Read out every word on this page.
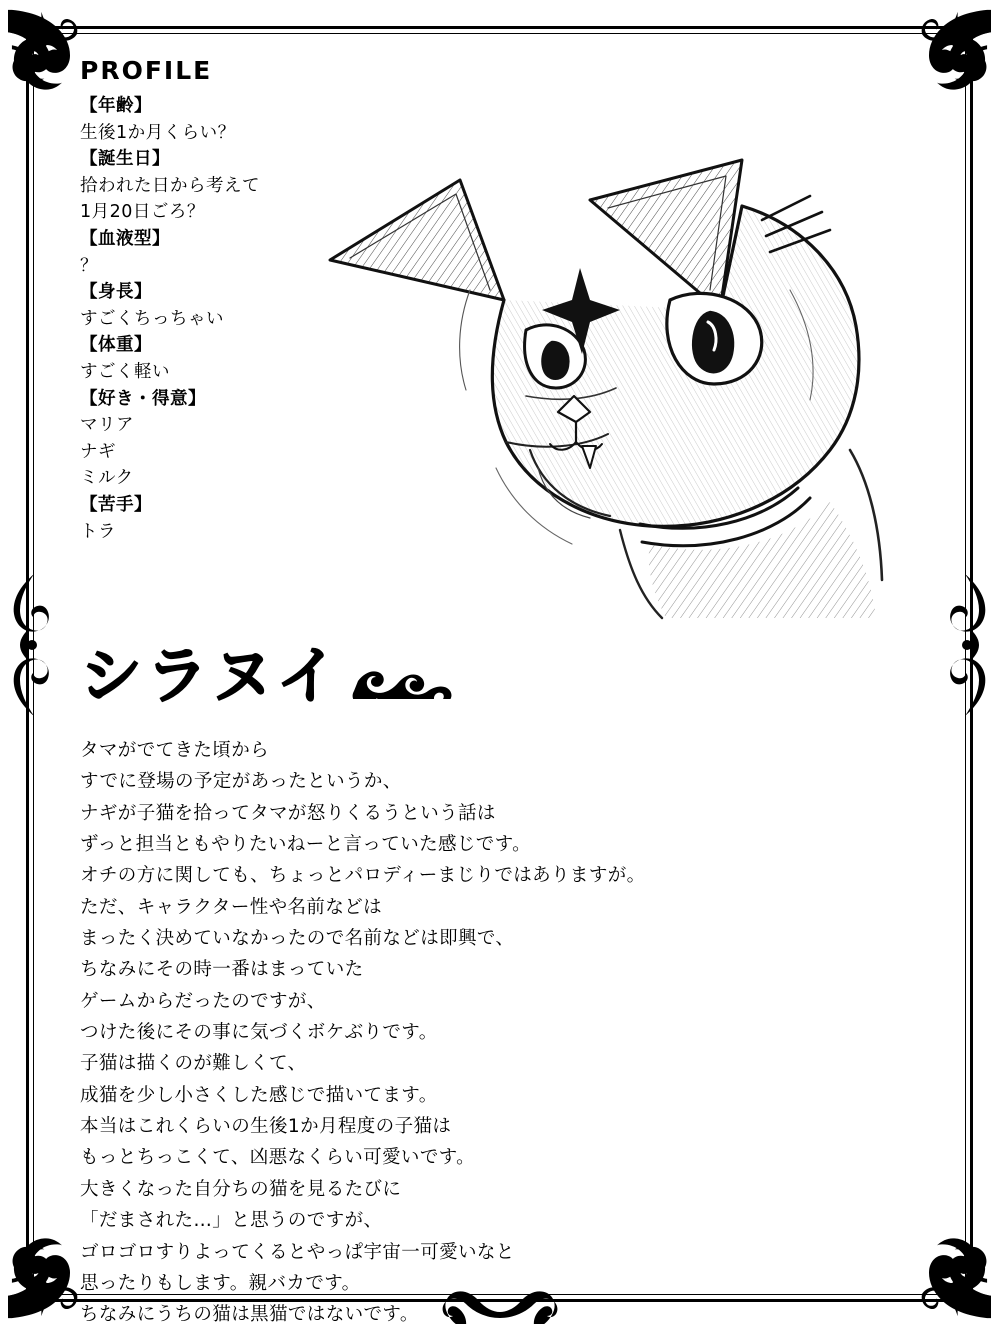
PROFILE
【年齢】
生後1か月くらい？
【誕生日】
拾われた日から考えて
1月20日ごろ？
【血液型】
？
【身長】
すごくちっちゃい
【体重】
すごく軽い
【好き・得意】
マリア
ナギ
ミルク
【苦手】
トラ
シラヌイ
タマがでてきた頃から
すでに登場の予定があったというか、
ナギが子猫を拾ってタマが怒りくるうという話は
ずっと担当ともやりたいねーと言っていた感じです。
オチの方に関しても、ちょっとパロディーまじりではありますが。
ただ、キャラクター性や名前などは
まったく決めていなかったので名前などは即興で、
ちなみにその時一番はまっていた
ゲームからだったのですが、
つけた後にその事に気づくボケぶりです。
子猫は描くのが難しくて、
成猫を少し小さくした感じで描いてます。
本当はこれくらいの生後1か月程度の子猫は
もっとちっこくて、凶悪なくらい可愛いです。
大きくなった自分ちの猫を見るたびに
「だまされた…」と思うのですが、
ゴロゴロすりよってくるとやっぱ宇宙一可愛いなと
思ったりもします。親バカです。
ちなみにうちの猫は黒猫ではないです。
